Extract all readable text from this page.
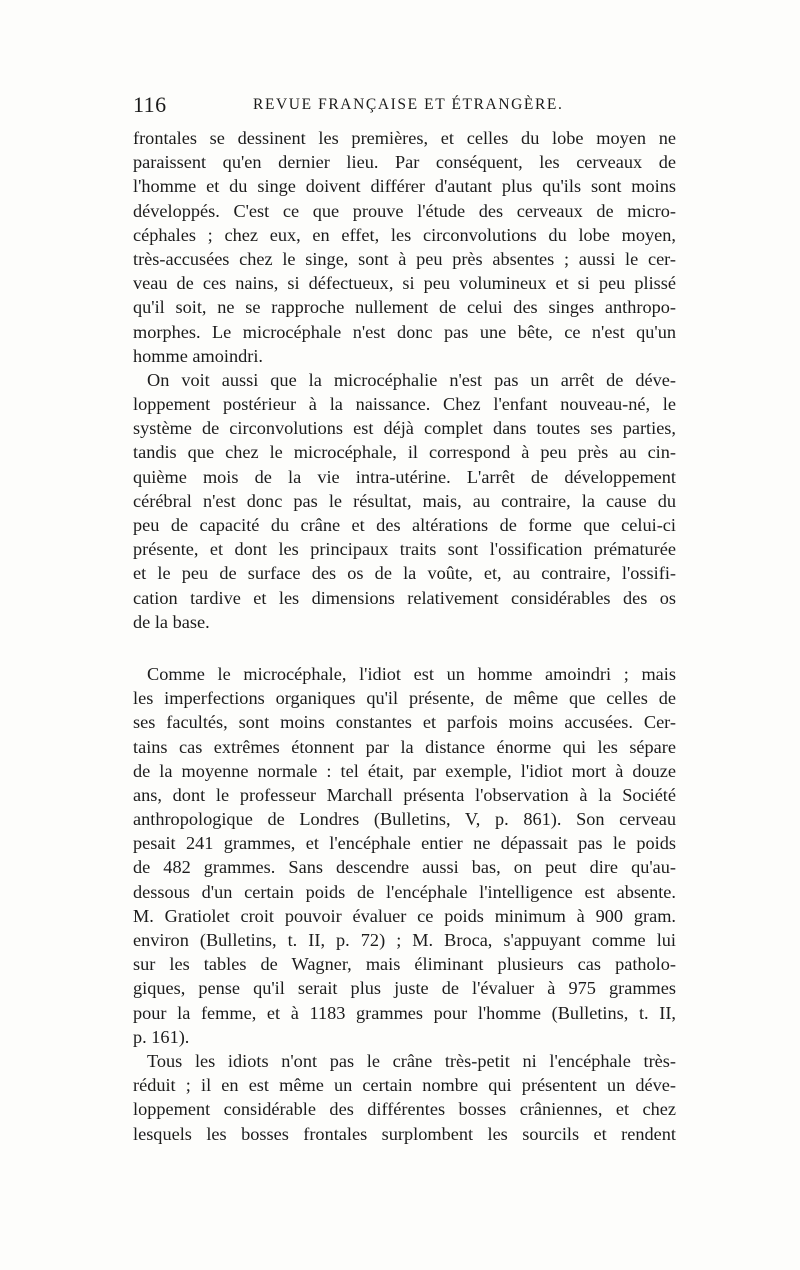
116	REVUE FRANÇAISE ET ÉTRANGÈRE.
frontales se dessinent les premières, et celles du lobe moyen ne
paraissent qu'en dernier lieu. Par conséquent, les cerveaux de
l'homme et du singe doivent différer d'autant plus qu'ils sont moins
développés. C'est ce que prouve l'étude des cerveaux de micro-
céphales ; chez eux, en effet, les circonvolutions du lobe moyen,
très-accusées chez le singe, sont à peu près absentes ; aussi le cer-
veau de ces nains, si défectueux, si peu volumineux et si peu plissé
qu'il soit, ne se rapproche nullement de celui des singes anthropo-
morphes. Le microcéphale n'est donc pas une bête, ce n'est qu'un
homme amoindri.
On voit aussi que la microcéphalie n'est pas un arrêt de déve-
loppement postérieur à la naissance. Chez l'enfant nouveau-né, le
système de circonvolutions est déjà complet dans toutes ses parties,
tandis que chez le microcéphale, il correspond à peu près au cin-
quième mois de la vie intra-utérine. L'arrêt de développement
cérébral n'est donc pas le résultat, mais, au contraire, la cause du
peu de capacité du crâne et des altérations de forme que celui-ci
présente, et dont les principaux traits sont l'ossification prématurée
et le peu de surface des os de la voûte, et, au contraire, l'ossifi-
cation tardive et les dimensions relativement considérables des os
de la base.
Comme le microcéphale, l'idiot est un homme amoindri ; mais
les imperfections organiques qu'il présente, de même que celles de
ses facultés, sont moins constantes et parfois moins accusées. Cer-
tains cas extrêmes étonnent par la distance énorme qui les sépare
de la moyenne normale : tel était, par exemple, l'idiot mort à douze
ans, dont le professeur Marchall présenta l'observation à la Société
anthropologique de Londres (Bulletins, V, p. 861). Son cerveau
pesait 241 grammes, et l'encéphale entier ne dépassait pas le poids
de 482 grammes. Sans descendre aussi bas, on peut dire qu'au-
dessous d'un certain poids de l'encéphale l'intelligence est absente.
M. Gratiolet croit pouvoir évaluer ce poids minimum à 900 gram.
environ (Bulletins, t. II, p. 72) ; M. Broca, s'appuyant comme lui
sur les tables de Wagner, mais éliminant plusieurs cas patholo-
giques, pense qu'il serait plus juste de l'évaluer à 975 grammes
pour la femme, et à 1183 grammes pour l'homme (Bulletins, t. II,
p. 161).
Tous les idiots n'ont pas le crâne très-petit ni l'encéphale très-
réduit ; il en est même un certain nombre qui présentent un déve-
loppement considérable des différentes bosses crâniennes, et chez
lesquels les bosses frontales surplombent les sourcils et rendent
